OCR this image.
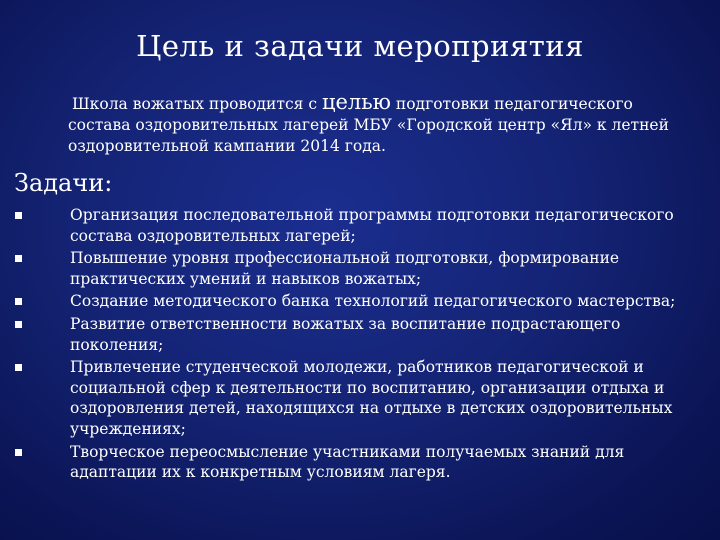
Цель и задачи мероприятия
Школа вожатых проводится с целью подготовки педагогического состава оздоровительных лагерей МБУ «Городской центр «Ял» к летней оздоровительной кампании 2014 года.
Задачи:
Организация последовательной программы подготовки педагогического состава оздоровительных лагерей;
Повышение уровня профессиональной подготовки, формирование практических умений и навыков вожатых;
Создание методического банка технологий педагогического мастерства;
Развитие ответственности вожатых за воспитание подрастающего поколения;
Привлечение студенческой молодежи, работников педагогической и социальной сфер к деятельности по воспитанию, организации отдыха и оздоровления детей, находящихся на отдыхе в детских оздоровительных учреждениях;
Творческое переосмысление участниками получаемых знаний для адаптации их к конкретным условиям лагеря.
